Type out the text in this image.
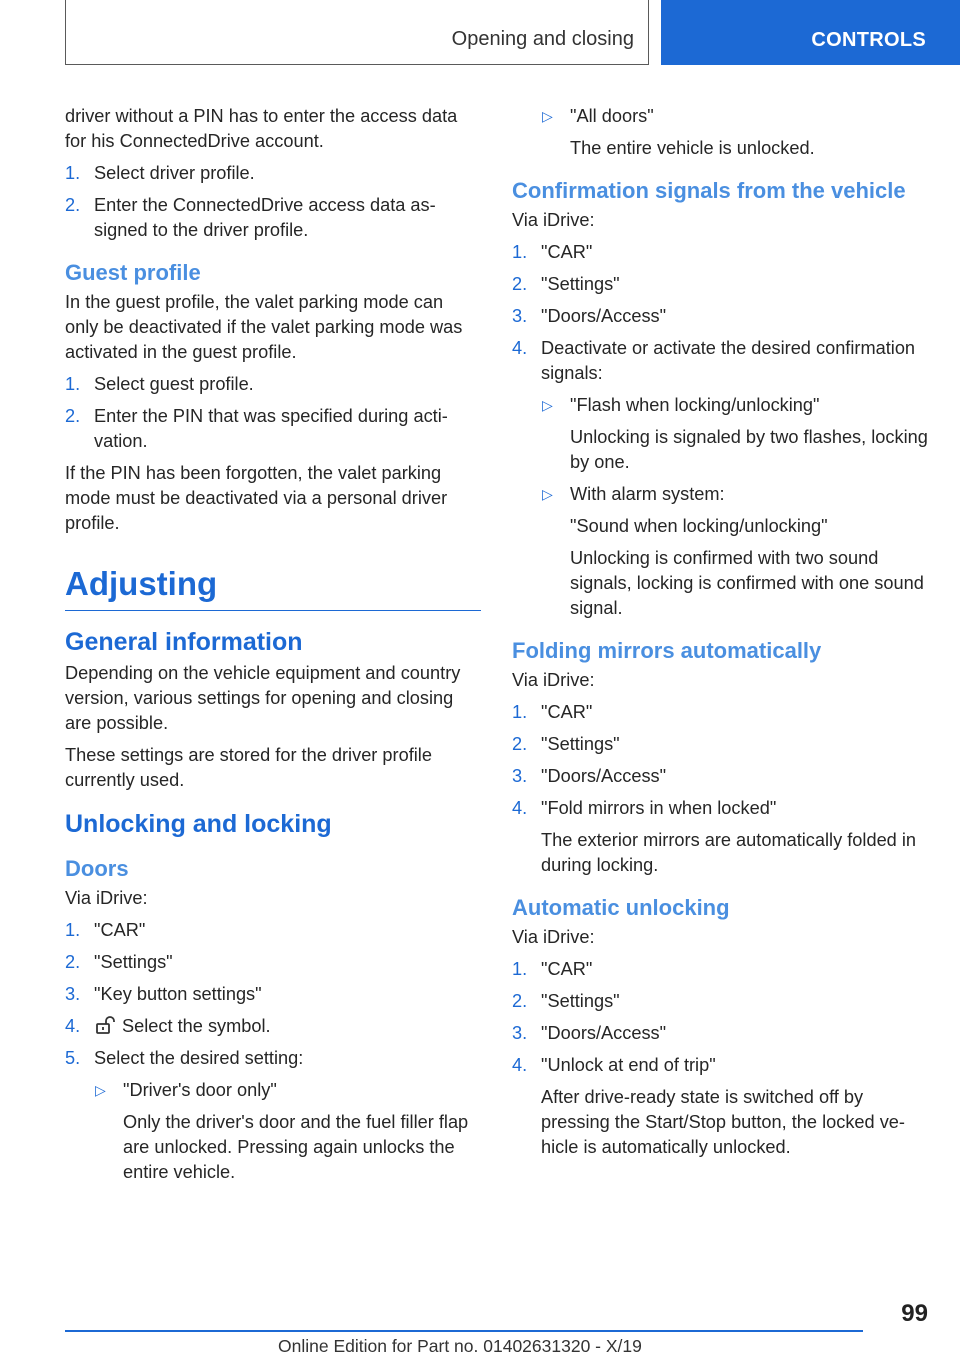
Opening and closing	CONTROLS

driver without a PIN has to enter the access data for his ConnectedDrive account.

1. Select driver profile.
2. Enter the ConnectedDrive access data assigned to the driver profile.
Guest profile

In the guest profile, the valet parking mode can only be deactivated if the valet parking mode was activated in the guest profile.

1. Select guest profile.
2. Enter the PIN that was specified during activation.

If the PIN has been forgotten, the valet parking mode must be deactivated via a personal driver profile.

Adjusting
General information

Depending on the vehicle equipment and country version, various settings for opening and closing are possible.

These settings are stored for the driver profile currently used.

Unlocking and locking
Doors

Via iDrive:

1. "CAR"
2. "Settings"
3. "Key button settings"
4. Select the symbol.
5. Select the desired setting:
▷ "Driver's door only"
Only the driver's door and the fuel filler flap are unlocked. Pressing again unlocks the entire vehicle.
▷ "All doors"
The entire vehicle is unlocked.
Confirmation signals from the vehicle

Via iDrive:

1. "CAR"
2. "Settings"
3. "Doors/Access"
4. Deactivate or activate the desired confirmation signals:
▷ "Flash when locking/unlocking"
Unlocking is signaled by two flashes, locking by one.
▷ With alarm system:
"Sound when locking/unlocking"
Unlocking is confirmed with two sound signals, locking is confirmed with one sound signal.
Folding mirrors automatically

Via iDrive:

1. "CAR"
2. "Settings"
3. "Doors/Access"
4. "Fold mirrors in when locked"
The exterior mirrors are automatically folded in during locking.
Automatic unlocking

Via iDrive:

1. "CAR"
2. "Settings"
3. "Doors/Access"
4. "Unlock at end of trip"
After drive-ready state is switched off by pressing the Start/Stop button, the locked vehicle is automatically unlocked.
99
Online Edition for Part no. 01402631320 - X/19
